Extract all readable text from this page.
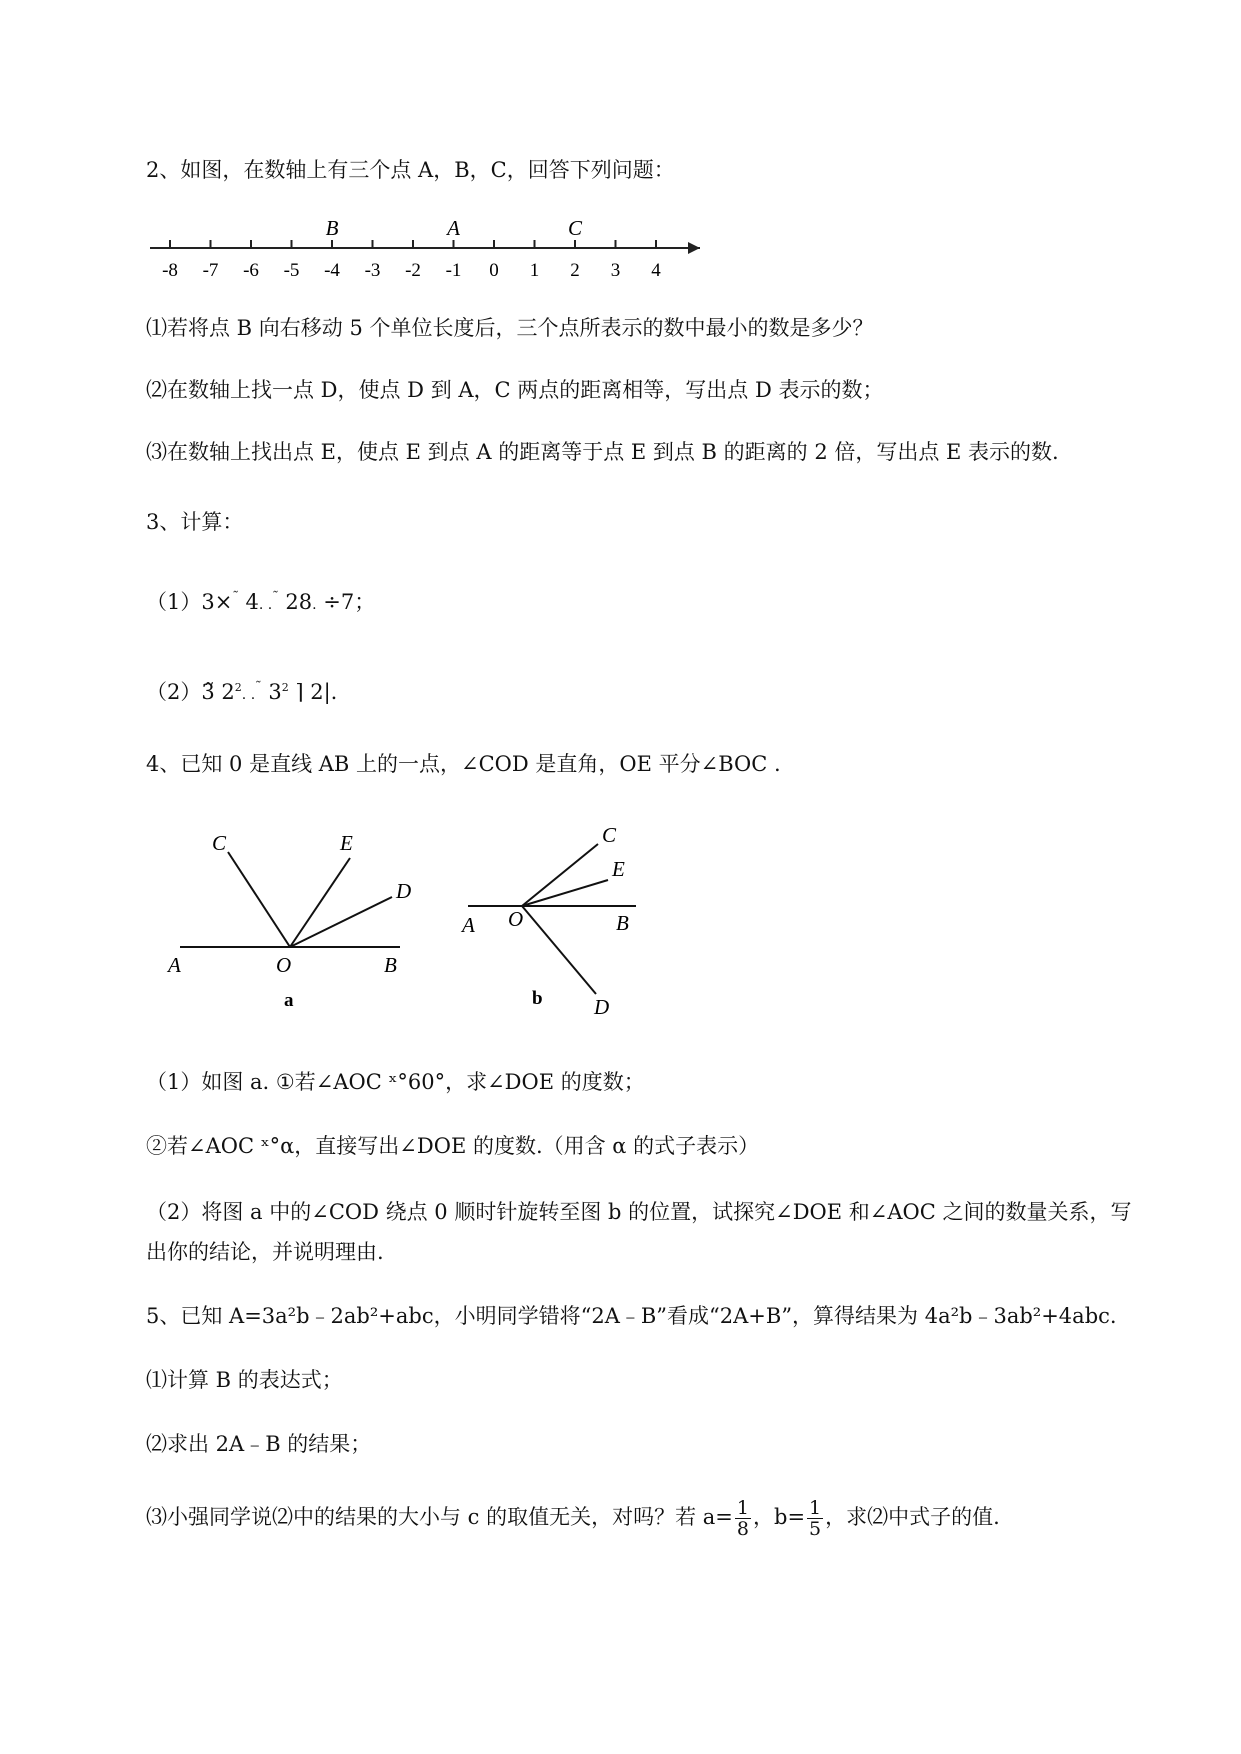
2、如图，在数轴上有三个点 A，B，C，回答下列问题：
-8 -7 -6 -5 -4 -3 -2 -1 0 1 2 3 4
B	A	C
⑴若将点 B 向右移动 5 个单位长度后，三个点所表示的数中最小的数是多少？
⑵在数轴上找一点 D，使点 D 到 A，C 两点的距离相等，写出点 D 表示的数；
⑶在数轴上找出点 E，使点 E 到点 A 的距离等于点 E 到点 B 的距离的 2 倍，写出点 E 表示的数.
3、计算：
（1）3×˜ 4. .˜ 28. ÷7；
（2）3̃ $2^2$. .˜ $3^2$ ⌉ 2|.
4、已知 0 是直线 AB 上的一点，∠COD 是直角，OE 平分∠BOC .
C	E
D
A	O	B
a
C
E
A O	B
D
b
（1）如图 a. ①若∠AOC ˣ°60°，求∠DOE 的度数；
②若∠AOC ˣ°α，直接写出∠DOE 的度数.（用含 α 的式子表示）
（2）将图 a 中的∠COD 绕点 0 顺时针旋转至图 b 的位置，试探究∠DOE 和∠AOC 之间的数量关系，写
出你的结论，并说明理由.
5、已知 A=3a²b﹣2ab²+abc，小明同学错将“2A﹣B”看成“2A+B”，算得结果为 4a²b﹣3ab²+4abc.
⑴计算 B 的表达式；
⑵求出 2A﹣B 的结果；
⑶小强同学说⑵中的结果的大小与 c 的取值无关，对吗？若 $a= \frac{1}{8}$ ，$b= \frac{1}{5}$ ，求⑵中式子的值.
